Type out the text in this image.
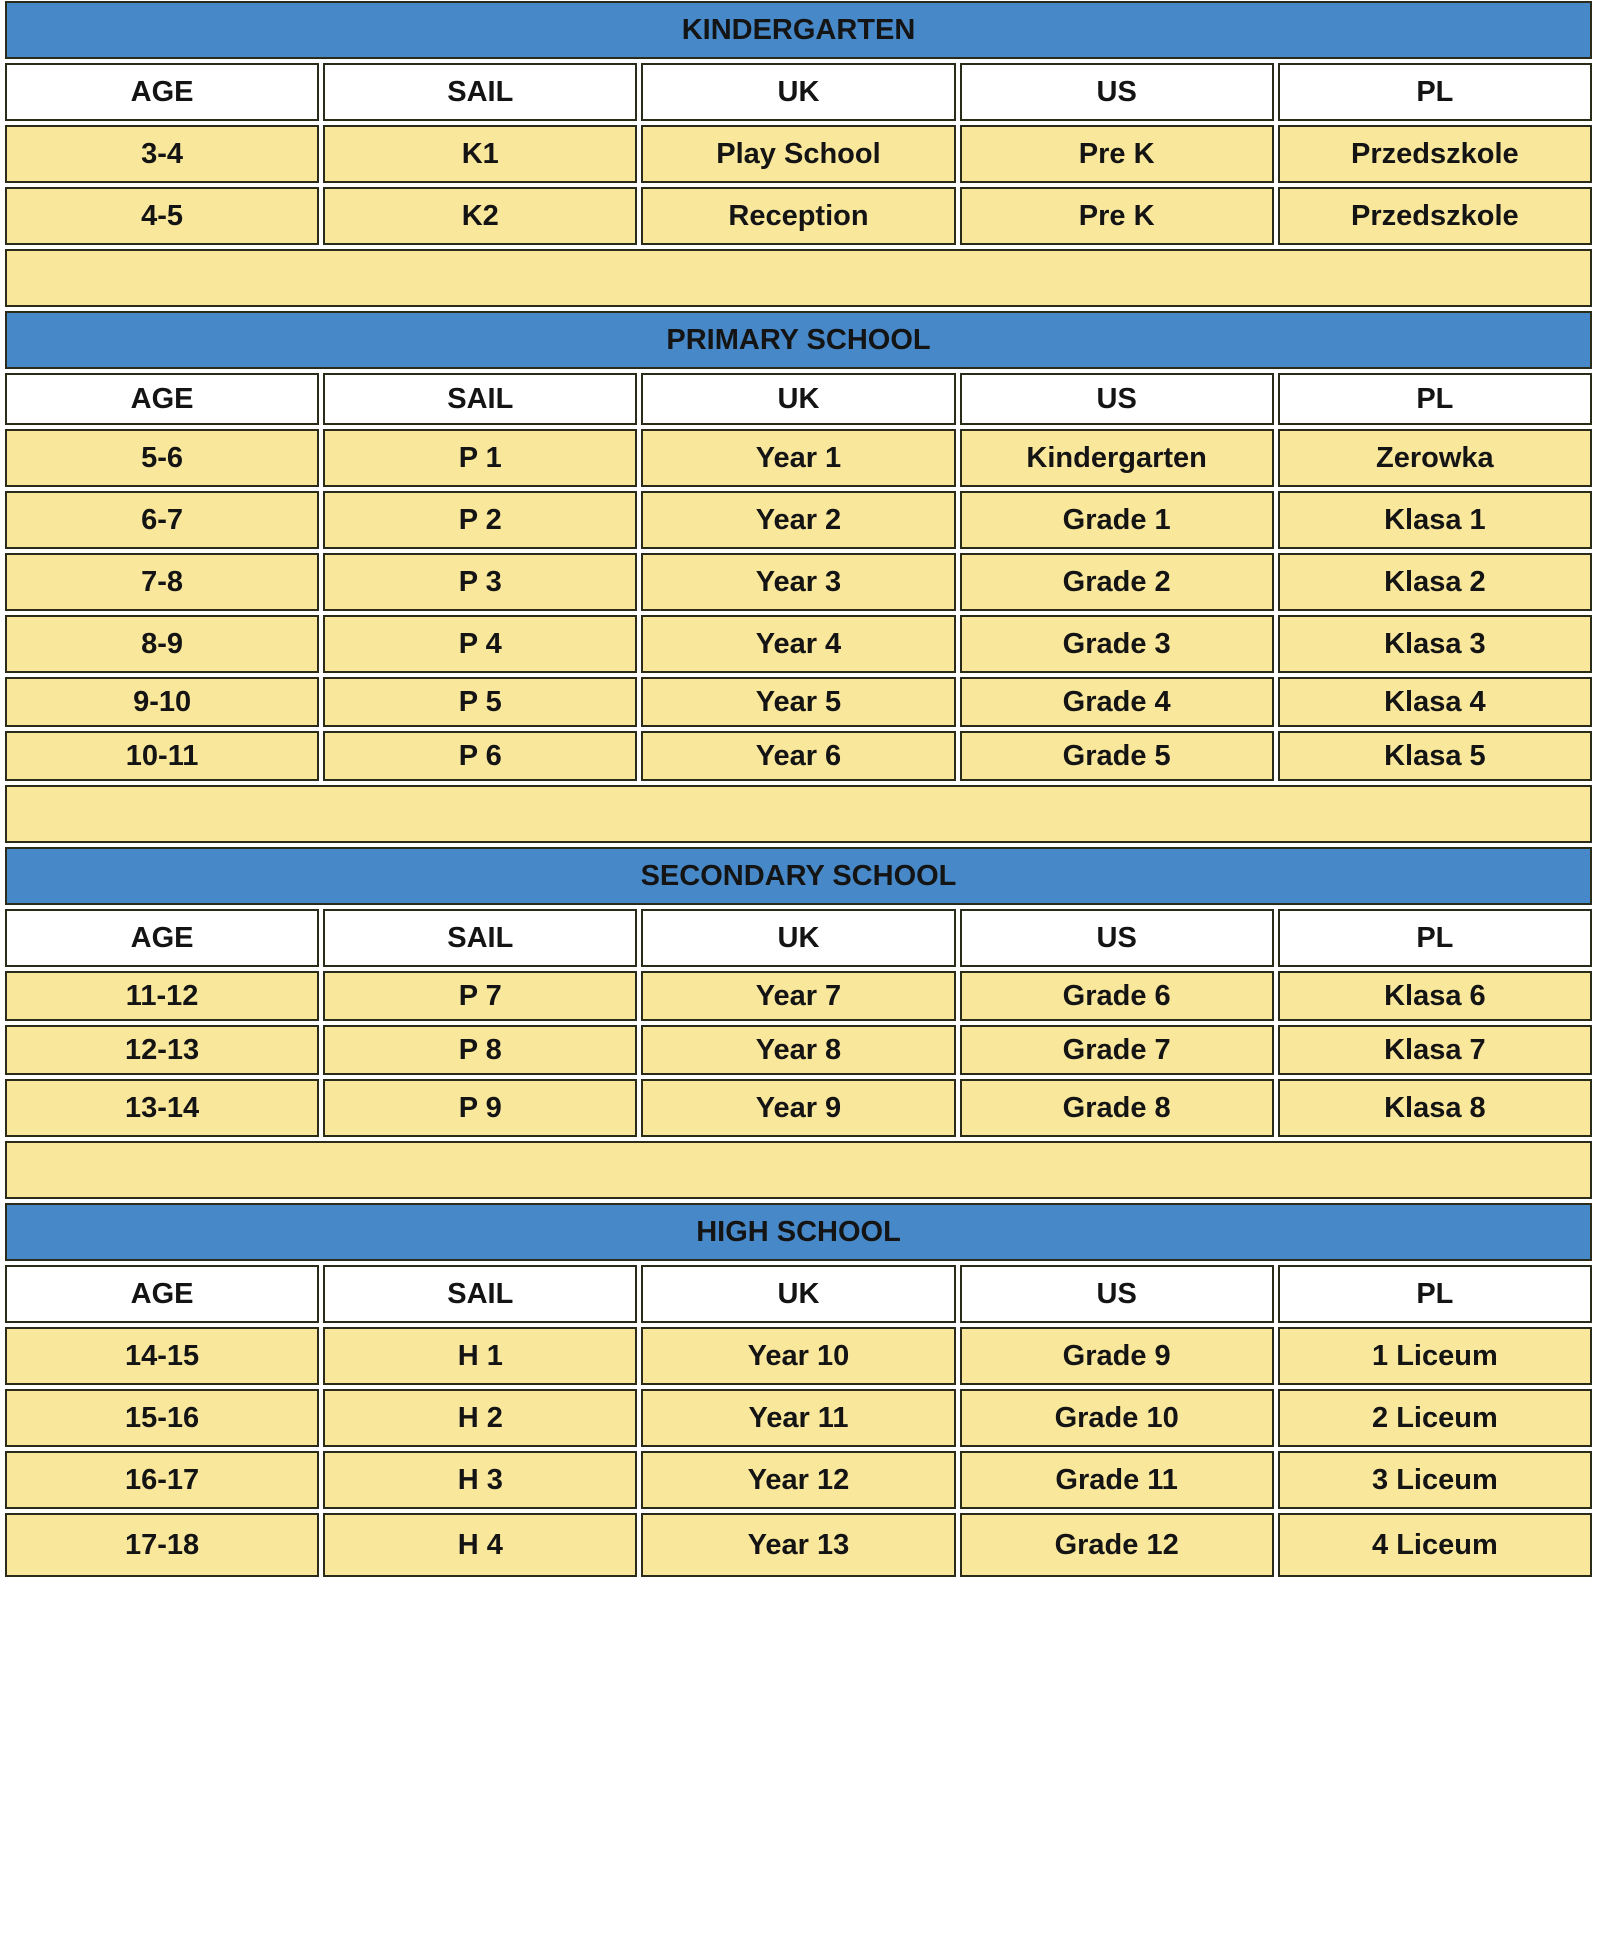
KINDERGARTEN				
AGE	SAIL	UK	US	PL
3-4	K1	Play School	Pre K	Przedszkole
4-5	K2	Reception	Pre K	Przedszkole

PRIMARY SCHOOL				
AGE	SAIL	UK	US	PL
5-6	P 1	Year 1	Kindergarten	Zerowka
6-7	P 2	Year 2	Grade 1	Klasa 1
7-8	P 3	Year 3	Grade 2	Klasa 2
8-9	P 4	Year 4	Grade 3	Klasa 3
9-10	P 5	Year 5	Grade 4	Klasa 4
10-11	P 6	Year 6	Grade 5	Klasa 5

SECONDARY SCHOOL				
AGE	SAIL	UK	US	PL
11-12	P 7	Year 7	Grade 6	Klasa 6
12-13	P 8	Year 8	Grade 7	Klasa 7
13-14	P 9	Year 9	Grade 8	Klasa 8

HIGH SCHOOL				
AGE	SAIL	UK	US	PL
14-15	H 1	Year 10	Grade 9	1 Liceum
15-16	H 2	Year 11	Grade 10	2 Liceum
16-17	H 3	Year 12	Grade 11	3 Liceum
17-18	H 4	Year 13	Grade 12	4 Liceum
